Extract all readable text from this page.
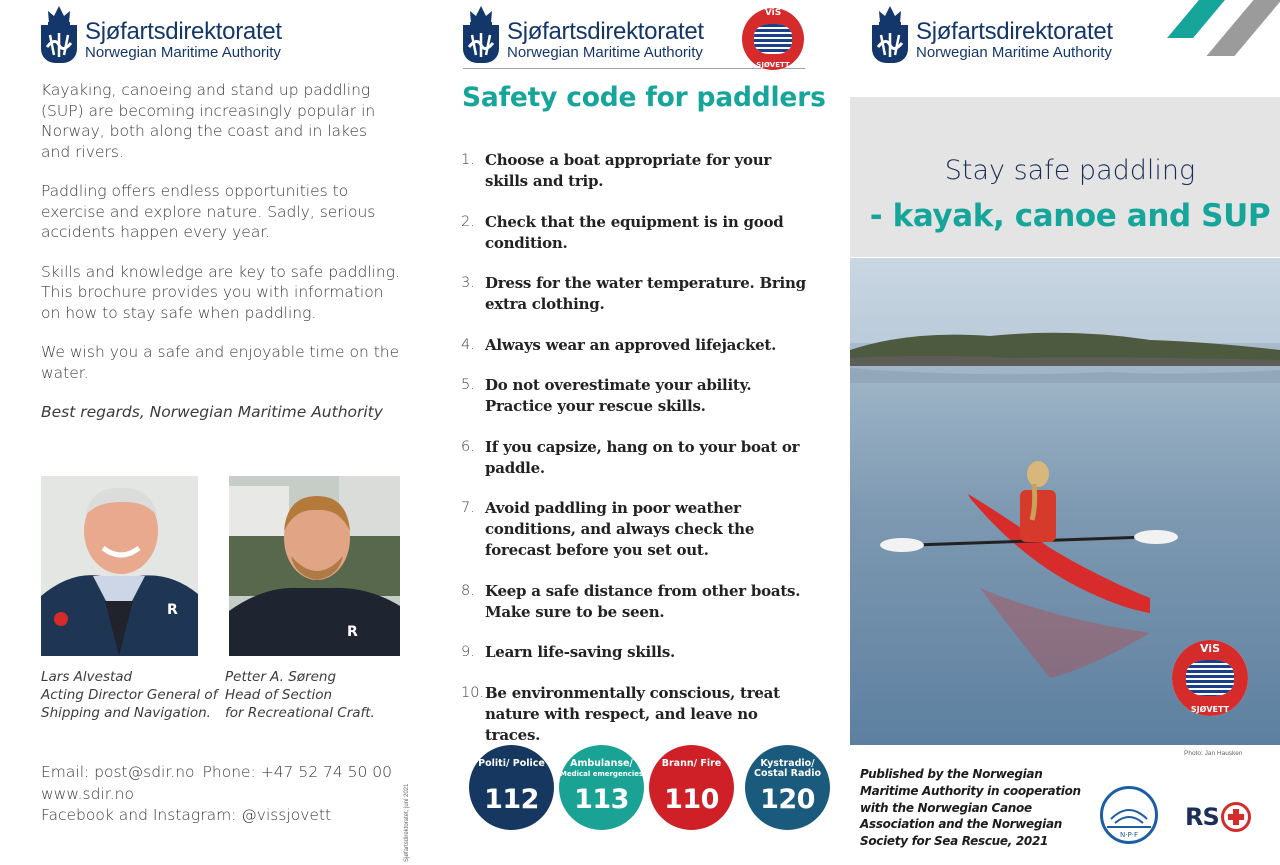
Sjøfartsdirektoratet
Norwegian Maritime Authority

Kayaking, canoeing and stand up paddling (SUP) are becoming increasingly popular in Norway, both along the coast and in lakes and rivers.

Paddling offers endless opportunities to exercise and explore nature. Sadly, serious accidents happen every year.

Skills and knowledge are key to safe paddling. This brochure provides you with information on how to stay safe when paddling.

We wish you a safe and enjoyable time on the water.

Best regards, Norwegian Maritime Authority

R
R
Lars Alvestad
Acting Director General of
Shipping and Navigation.
Petter A. Søreng
Head of Section
for Recreational Craft.
Email: post@sdir.no Phone: +47 52 74 50 00
www.sdir.no
Facebook and Instagram: @vissjovett	Sjøfartsdirektoratet, juni 2021
Sjøfartsdirektoratet
Norwegian Maritime Authority
Safety code for paddlers
1. Choose a boat appropriate for your skills and trip.
2. Check that the equipment is in good condition.
3. Dress for the water temperature. Bring extra clothing.
4. Always wear an approved lifejacket.
5. Do not overestimate your ability. Practice your rescue skills.
6. If you capsize, hang on to your boat or paddle.
7. Avoid paddling in poor weather conditions, and always check the forecast before you set out.
8. Keep a safe distance from other boats. Make sure to be seen.
9. Learn life-saving skills.
10. Be environmentally conscious, treat nature with respect, and leave no traces.
ViS
SJØVETT
Politi/ Police
112
Ambulanse/
Medical emergencies
113
Brann/ Fire
110
Kystradio/ Costal Radio
120
Sjøfartsdirektoratet
Norwegian Maritime Authority
Stay safe paddling
- kayak, canoe and SUP
Photo: Jan Hausken
ViS
SJØVETT
Published by the Norwegian Maritime Authority in cooperation with the Norwegian Canoe Association and the Norwegian Society for Sea Rescue, 2021	N·P·F
RS
